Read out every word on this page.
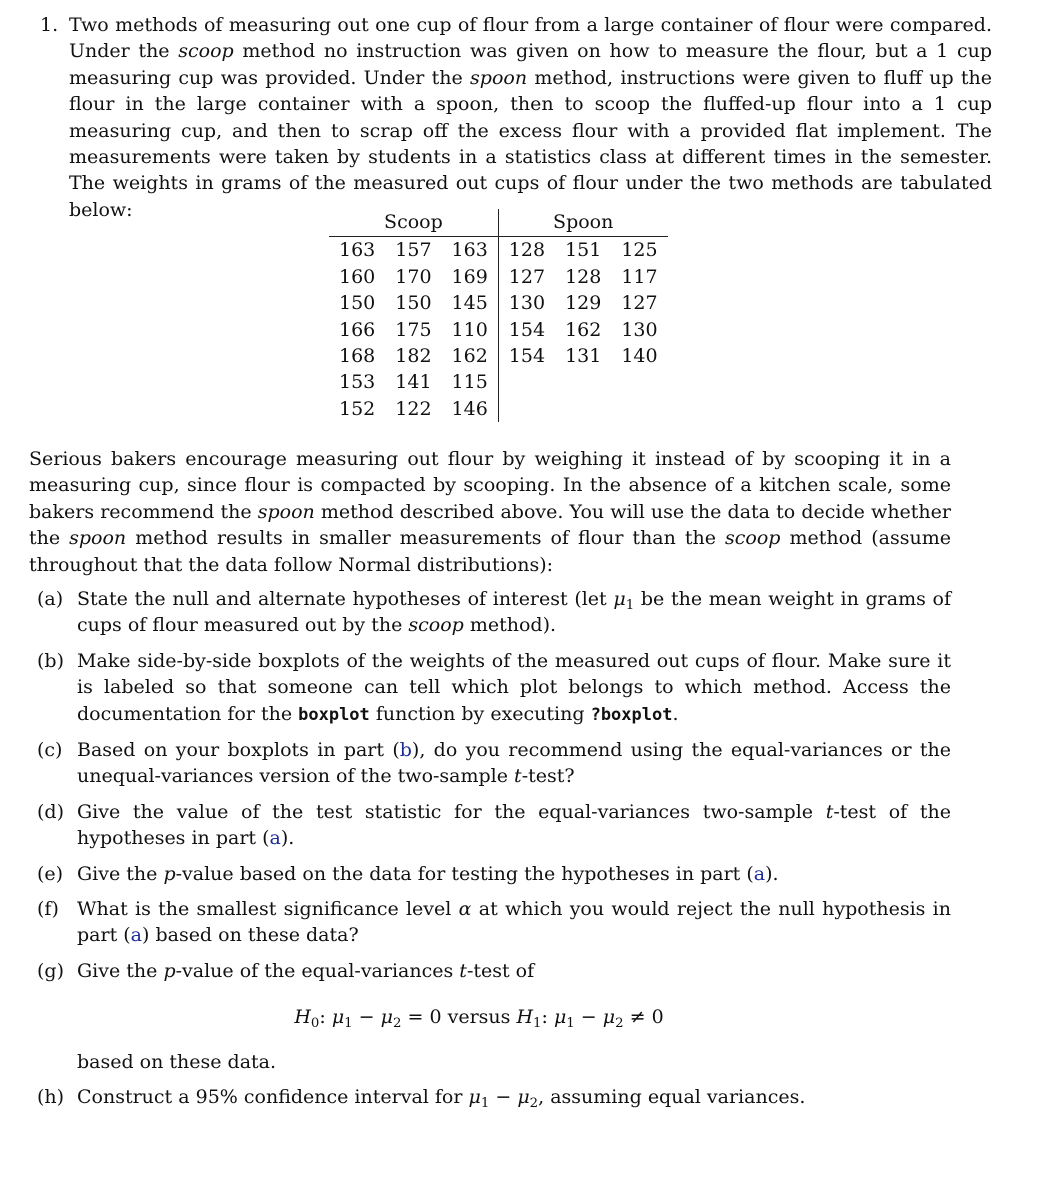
1. Two methods of measuring out one cup of flour from a large container of flour were compared. Under the scoop method no instruction was given on how to measure the flour, but a 1 cup measuring cup was provided. Under the spoon method, instructions were given to fluff up the flour in the large container with a spoon, then to scoop the fluffed-up flour into a 1 cup measuring cup, and then to scrap off the excess flour with a provided flat implement. The measurements were taken by students in a statistics class at different times in the semester. The weights in grams of the measured out cups of flour under the two methods are tabulated below:

Scoop			Spoon		
163	157	163	128	151	125
160	170	169	127	128	117
150	150	145	130	129	127
166	175	110	154	162	130
168	182	162	154	131	140
153	141	115			
152	122	146			

Serious bakers encourage measuring out flour by weighing it instead of by scooping it in a measuring cup, since flour is compacted by scooping. In the absence of a kitchen scale, some bakers recommend the spoon method described above. You will use the data to decide whether the spoon method results in smaller measurements of flour than the scoop method (assume throughout that the data follow Normal distributions):

(a) State the null and alternate hypotheses of interest (let $\mu_1$ be the mean weight in grams of cups of flour measured out by the scoop method).
(b) Make side-by-side boxplots of the weights of the measured out cups of flour. Make sure it is labeled so that someone can tell which plot belongs to which method. Access the documentation for the boxplot function by executing ?boxplot.
(c) Based on your boxplots in part (b), do you recommend using the equal-variances or the unequal-variances version of the two-sample t-test?
(d) Give the value of the test statistic for the equal-variances two-sample t-test of the hypotheses in part (a).
(e) Give the p-value based on the data for testing the hypotheses in part (a).
(f) What is the smallest significance level α at which you would reject the null hypothesis in part (a) based on these data?
(g) Give the p-value of the equal-variances t-test of
$H_0$: $\mu_1 - \mu_2 = 0$ versus $H_1$: $\mu_1 - \mu_2 \ne 0$
based on these data.
(h) Construct a 95% confidence interval for $\mu_1 - \mu_2$, assuming equal variances.
